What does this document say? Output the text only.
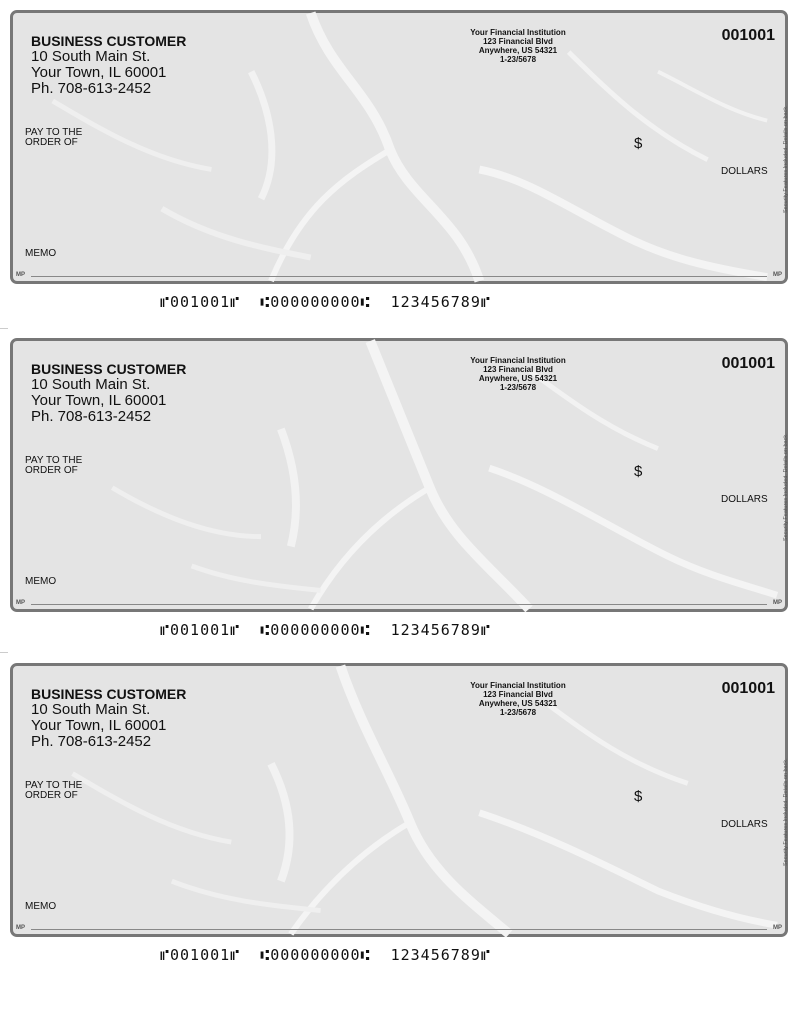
BUSINESS CUSTOMER
10 South Main St.
Your Town, IL 60001
Ph. 708-613-2452
Your Financial Institution
123 Financial Blvd
Anywhere, US 54321
1-23/5678
001001
PAY TO THE
ORDER OF	$
DOLLARS
MEMO
MP	MP
Security Features Included. Details on back.
⑈001001⑈  ⑆000000000⑆  123456789⑈
BUSINESS CUSTOMER
10 South Main St.
Your Town, IL 60001
Ph. 708-613-2452
Your Financial Institution
123 Financial Blvd
Anywhere, US 54321
1-23/5678
001001
PAY TO THE
ORDER OF	$
DOLLARS
MEMO
MP	MP
Security Features Included. Details on back.
⑈001001⑈  ⑆000000000⑆  123456789⑈
BUSINESS CUSTOMER
10 South Main St.
Your Town, IL 60001
Ph. 708-613-2452
Your Financial Institution
123 Financial Blvd
Anywhere, US 54321
1-23/5678
001001
PAY TO THE
ORDER OF	$
DOLLARS
MEMO
MP	MP
Security Features Included. Details on back.
⑈001001⑈  ⑆000000000⑆  123456789⑈
